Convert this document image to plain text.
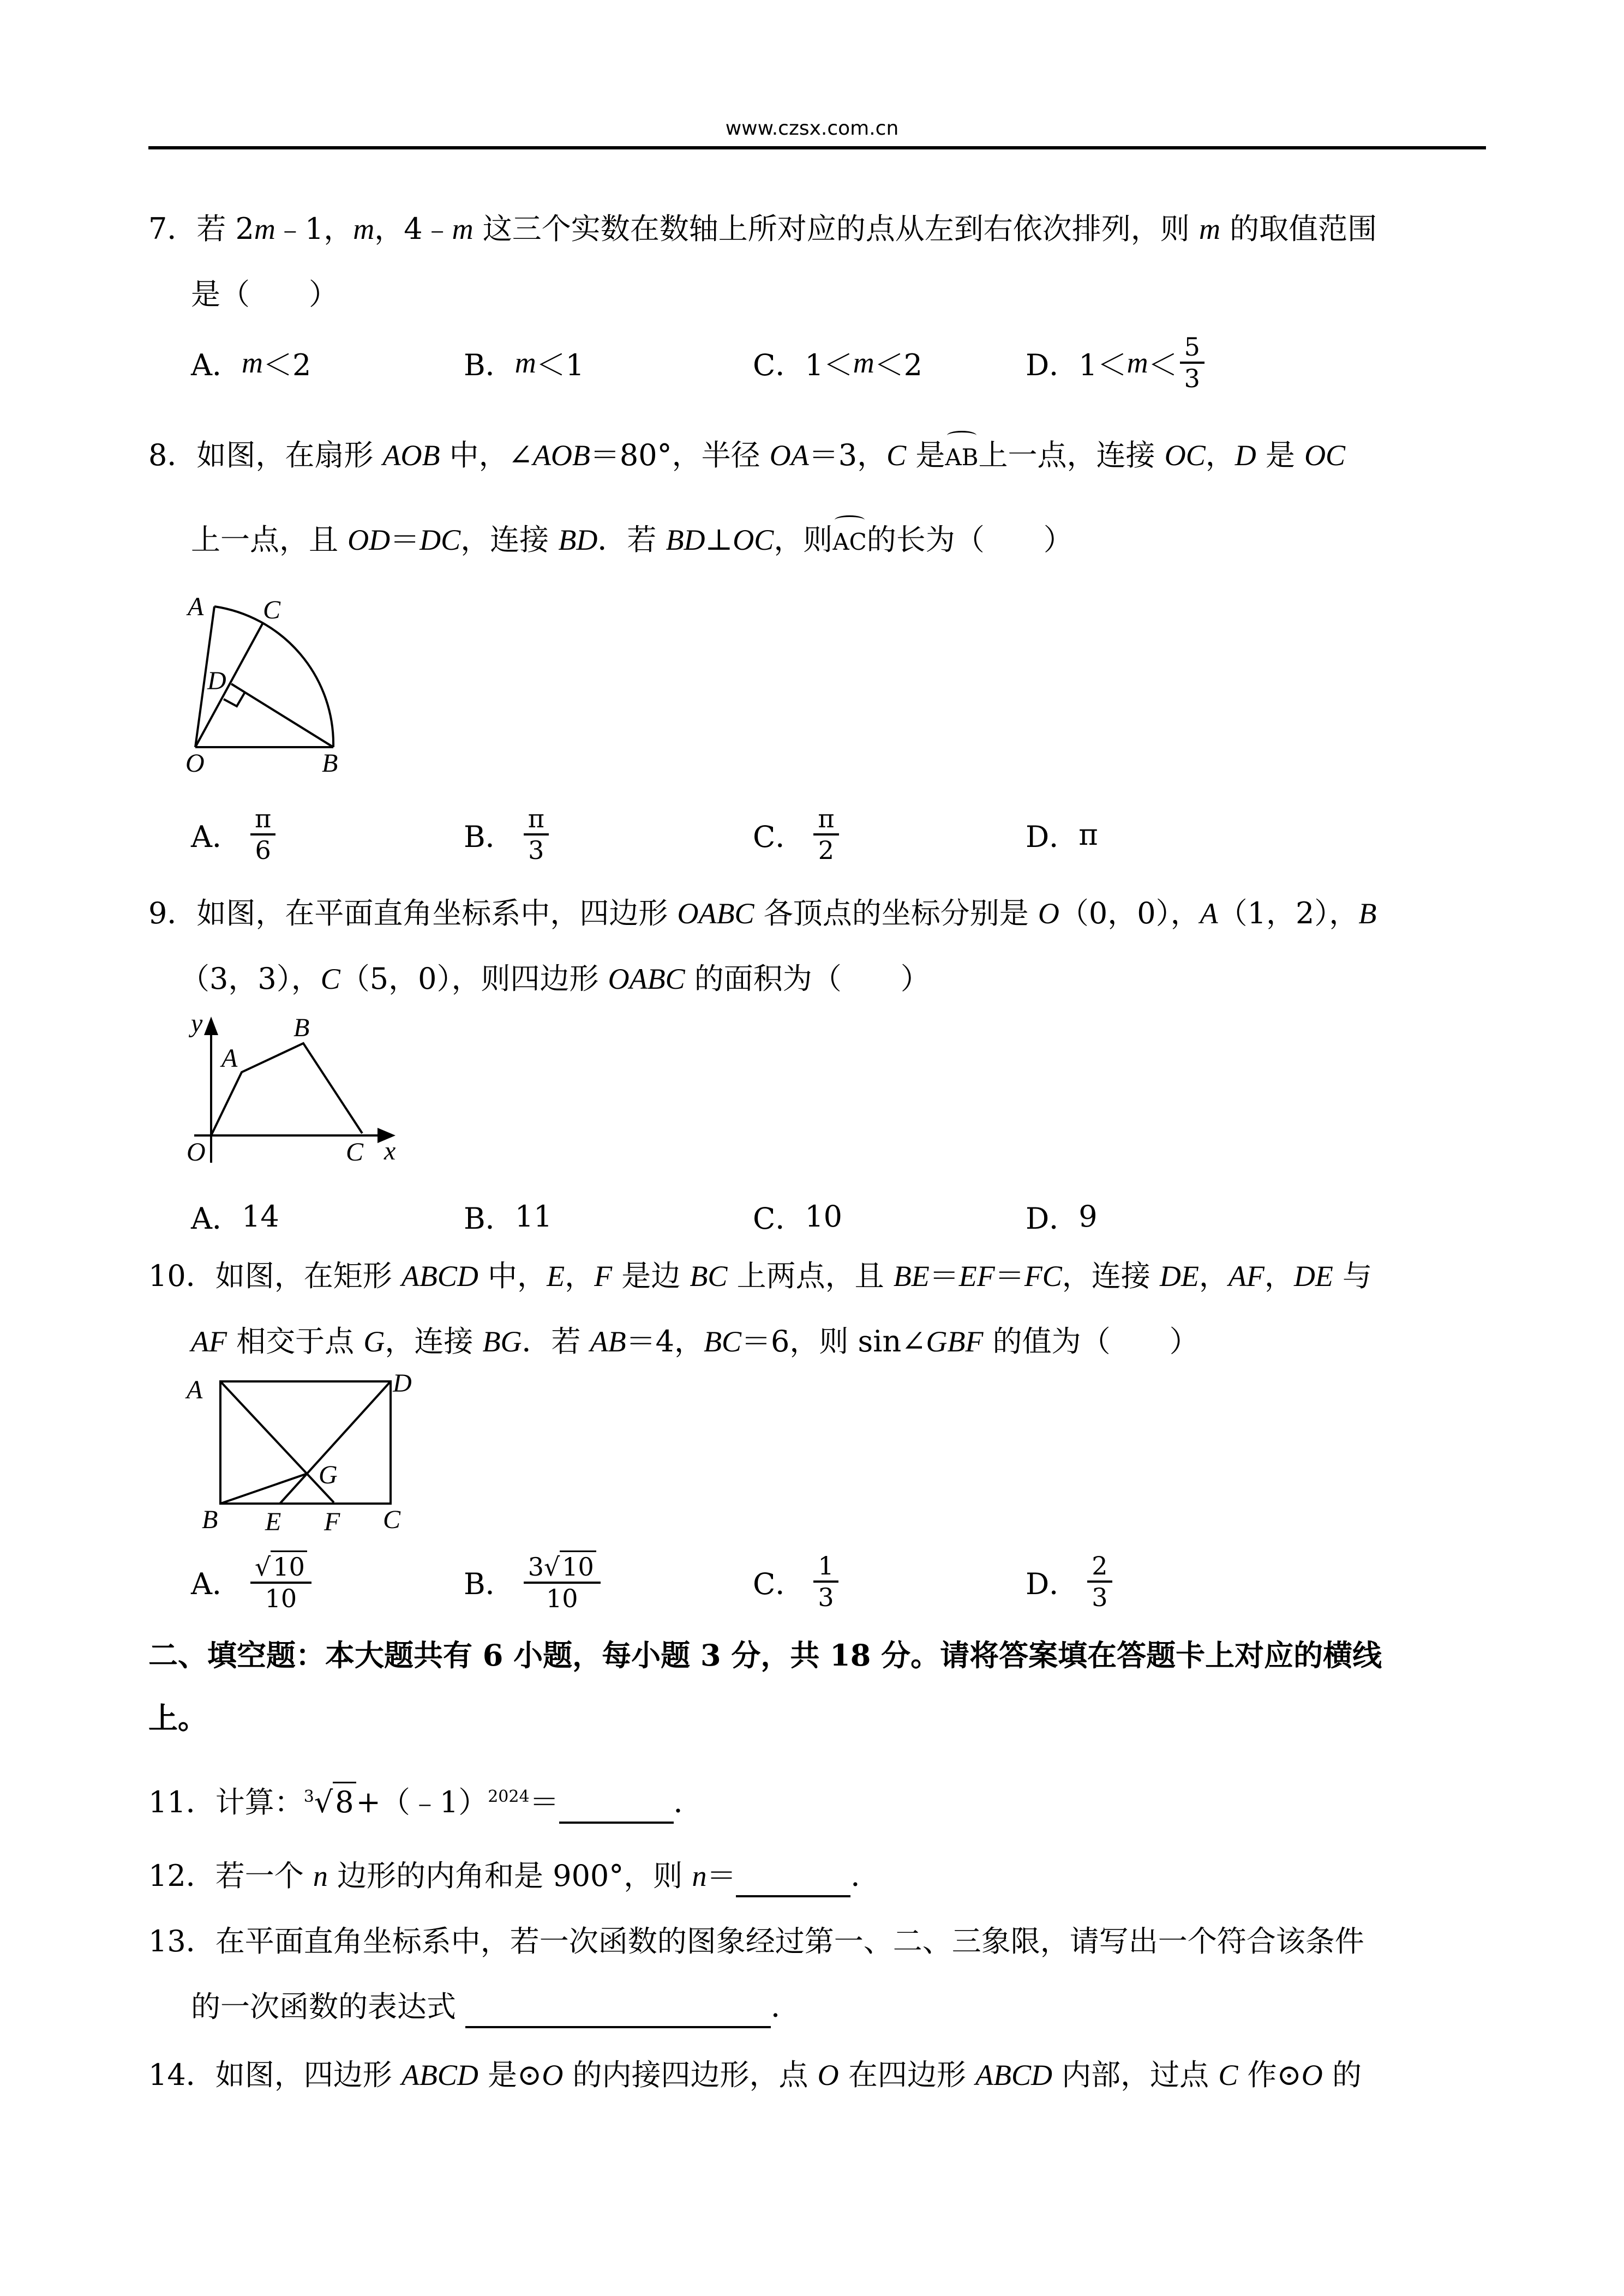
www.czsx.com.cn
7．若 2m﹣1，m，4﹣m 这三个实数在数轴上所对应的点从左到右依次排列，则 m 的取值范围
是（　　）
A． m ＜2	B． m ＜1	C． 1＜ m ＜2	D． $1< m < \frac{5}{3}$
8．如图，在扇形 AOB 中，∠AOB＝80°，半径 OA＝3，C 是AB上一点，连接 OC，D 是 OC
上一点，且 OD＝DC，连接 BD．若 BD⊥OC，则AC的长为（　　）
A C
D
O	B
A． $\frac{\pi}{6}$	B． $\frac{\pi}{3}$	C． $\frac{\pi}{2}$	D． π
9．如图，在平面直角坐标系中，四边形 OABC 各顶点的坐标分别是 O（0，0），A（1，2），B
（3，3），C（5，0），则四边形 OABC 的面积为（　　）
y
x
A
B
O	C
A． 14	B． 11	C． 10	D． 9
10．如图，在矩形 ABCD 中，E，F 是边 BC 上两点，且 BE＝EF＝FC，连接 DE，AF，DE 与
AF 相交于点 G，连接 BG．若 AB＝4，BC＝6，则 sin∠GBF 的值为（　　）
A	D
G
B E F C
A． $\frac{√10}{10}$	B． $\frac{3√10}{10}$	C． $\frac{1}{3}$	D． $\frac{2}{3}$
二、填空题：本大题共有 6 小题，每小题 3 分，共 18 分。请将答案填在答题卡上对应的横线
上。
11．计算：$^3$√8+（﹣1）$^{2024}$＝	．
12．若一个 n 边形的内角和是 900°，则 n＝	．
13．在平面直角坐标系中，若一次函数的图象经过第一、二、三象限，请写出一个符合该条件
的一次函数的表达式	．
14．如图，四边形 ABCD 是⊙O 的内接四边形，点 O 在四边形 ABCD 内部，过点 C 作⊙O 的
